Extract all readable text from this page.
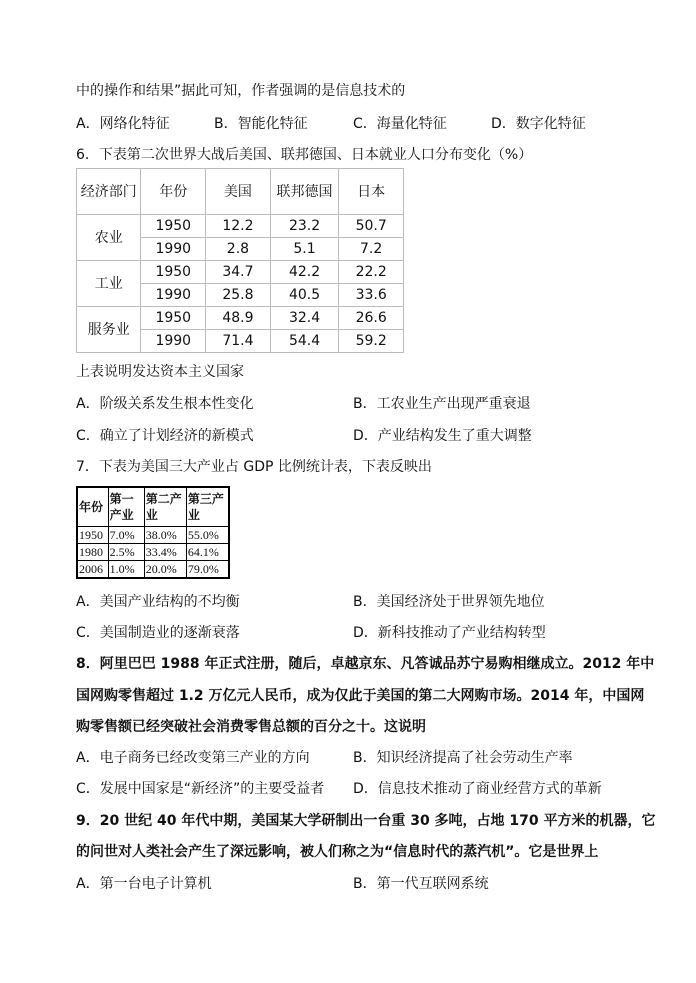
中的操作和结果”据此可知，作者强调的是信息技术的
A．网络化特征	B．智能化特征	C．海量化特征	D．数字化特征
6．下表第二次世界大战后美国、联邦德国、日本就业人口分布变化（%）
经济部门	年份	美国	联邦德国	日本
农业	1950	12.2	23.2	50.7
	1990	2.8	5.1	7.2
工业	1950	34.7	42.2	22.2
	1990	25.8	40.5	33.6
服务业	1950	48.9	32.4	26.6
	1990	71.4	54.4	59.2
上表说明发达资本主义国家
A．阶级关系发生根本性变化	B．工农业生产出现严重衰退
C．确立了计划经济的新模式	D．产业结构发生了重大调整
7．下表为美国三大产业占 GDP 比例统计表，下表反映出
年份	第一产业	第二产业	第三产业
1950	7.0%	38.0%	55.0%
1980	2.5%	33.4%	64.1%
2006	1.0%	20.0%	79.0%
A．美国产业结构的不均衡	B．美国经济处于世界领先地位
C．美国制造业的逐渐衰落	D．新科技推动了产业结构转型
8．阿里巴巴 1988 年正式注册，随后，卓越京东、凡答诚品苏宁易购相继成立。2012 年中
国网购零售超过 1.2 万亿元人民币，成为仅此于美国的第二大网购市场。2014 年，中国网
购零售额已经突破社会消费零售总额的百分之十。这说明
A．电子商务已经改变第三产业的方向	B．知识经济提高了社会劳动生产率
C．发展中国家是“新经济”的主要受益者 D．信息技术推动了商业经营方式的革新
9．20 世纪 40 年代中期，美国某大学研制出一台重 30 多吨，占地 170 平方米的机器，它
的问世对人类社会产生了深远影响，被人们称之为“信息时代的蒸汽机”。它是世界上
A．第一台电子计算机	B．第一代互联网系统
